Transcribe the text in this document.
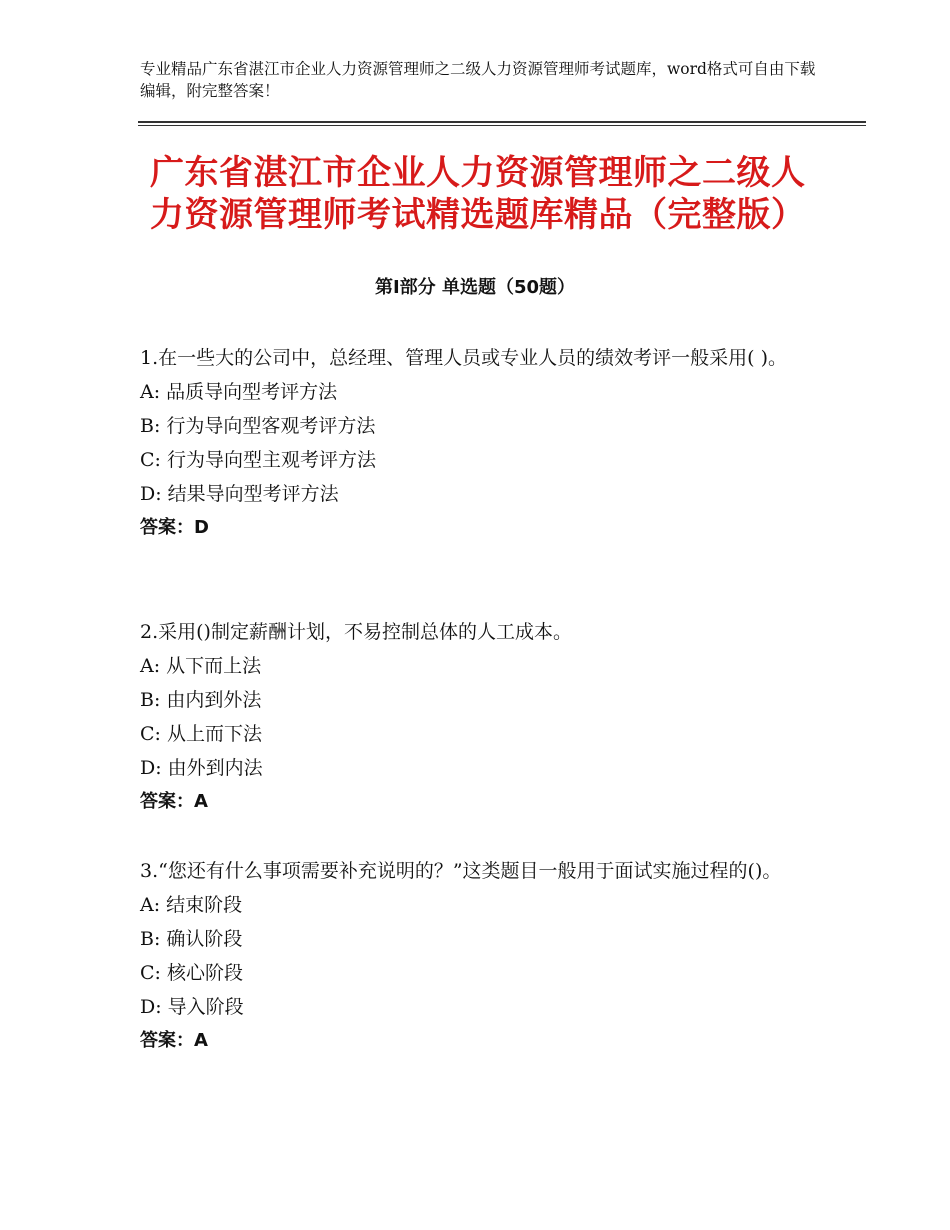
专业精品广东省湛江市企业人力资源管理师之二级人力资源管理师考试题库，word格式可自由下载编辑，附完整答案！
广东省湛江市企业人力资源管理师之二级人力资源管理师考试精选题库精品（完整版）
第Ⅰ部分 单选题（50题）
1.在一些大的公司中，总经理、管理人员或专业人员的绩效考评一般采用( )。
A: 品质导向型考评方法
B: 行为导向型客观考评方法
C: 行为导向型主观考评方法
D: 结果导向型考评方法
答案：D
2.采用()制定薪酬计划，不易控制总体的人工成本。
A: 从下而上法
B: 由内到外法
C: 从上而下法
D: 由外到内法
答案：A
3.“您还有什么事项需要补充说明的？”这类题目一般用于面试实施过程的()。
A: 结束阶段
B: 确认阶段
C: 核心阶段
D: 导入阶段
答案：A
